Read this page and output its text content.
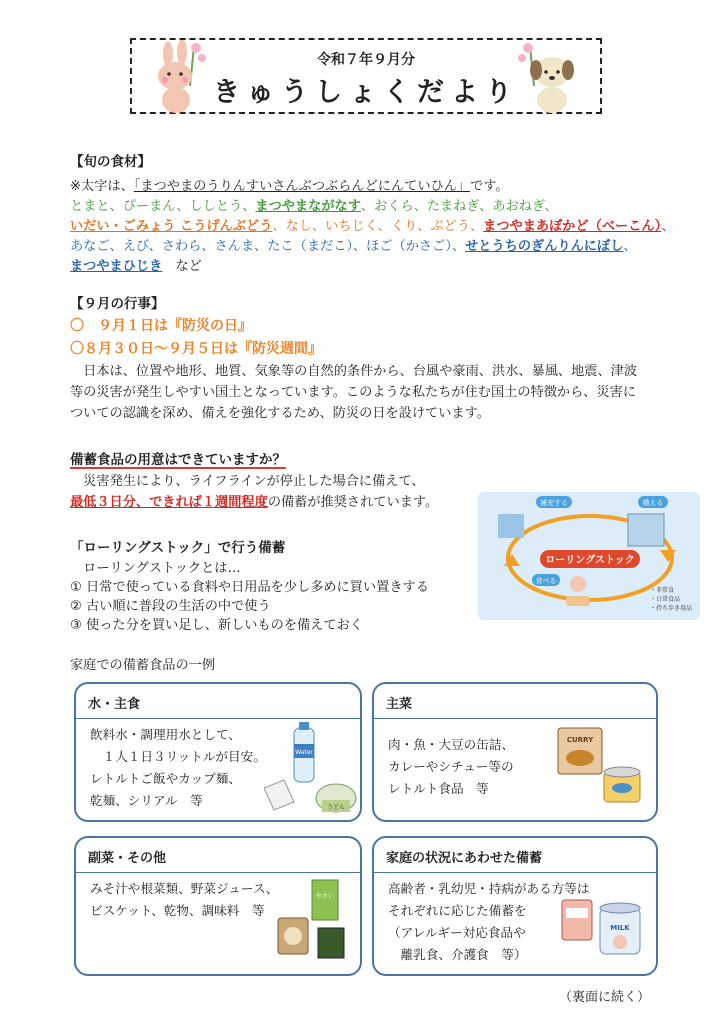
令和７年９月分
きゅうしょくだより
【旬の食材】
※太字は、「まつやまのうりんすいさんぶつぶらんどにんていひん」です。
とまと、ぴーまん、ししとう、まつやまながなす、おくら、たまねぎ、あおねぎ、
いだい・ごみょう こうげんぶどう、なし、いちじく、くり、ぶどう、まつやまあぼかど（べーこん）、
あなご、えび、さわら、さんま、たこ（まだこ）、ほご（かさご）、せとうちのぎんりんにぼし、
まつやまひじき　など
【９月の行事】
〇　９月１日は『防災の日』
〇８月３０日～９月５日は『防災週間』
　日本は、位置や地形、地質、気象等の自然的条件から、台風や豪雨、洪水、暴風、地震、津波
等の災害が発生しやすい国土となっています。このような私たちが住む国土の特徴から、災害に
ついての認識を深め、備えを強化するため、防災の日を設けています。
備蓄食品の用意はできていますか？
　災害発生により、ライフラインが停止した場合に備えて、
最低３日分、できれば１週間程度の備蓄が推奨されています。
「ローリングストック」で行う備蓄
　ローリングストックとは…
① 日常で使っている食料や日用品を少し多めに買い置きする
② 古い順に普段の生活の中で使う
③ 使った分を買い足し、新しいものを備えておく
ローリングストック
補充する	備える
食べる
・非常食
・日常食品
・持ち歩き用品
家庭での備蓄食品の一例
水・主食
飲料水・調理用水として、
　１人１日３リットルが目安。
レトルトご飯やカップ麺、
乾麺、シリアル　等
Water
うどん
主菜
肉・魚・大豆の缶詰、
カレーやシチュー等の
レトルト食品　等
CURRY
副菜・その他
みそ汁や根菜類、野菜ジュース、
ビスケット、乾物、調味料　等
やさい
家庭の状況にあわせた備蓄
高齢者・乳幼児・持病がある方等は
それぞれに応じた備蓄を
（アレルギー対応食品や
　離乳食、介護食　等）
MILK
（裏面に続く）
